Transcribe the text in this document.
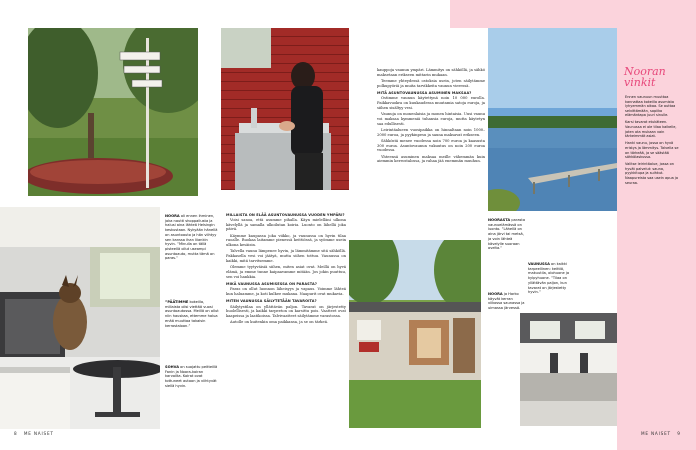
NOORA oli ennen ihminen, joka nautti shoppailusta ja halusi aina lähteä Helsingin keskustaan. Nykyään hänellä on asuntoauto ja hän viihtyy sen kanssa ihan liiankin hyvin. ”Minulla on tällä pisteellä ollut useampi asuntoauto, mutta tämä on paras.”
”PÄÄTIMME kokeilla, millaista olisi viettää vuosi asuntoautossa. Meillä on ollut niin hauskaa, ettemme halua enää muuttaa takaisin kerrostaloon.”
SOHVA on suojattu peitteillä Fanin ja Noora-koiran karvoilta. Koirat ovat tottuneet autoon ja viihtyvät siellä hyvin.
MILLAISTA ON ELÄÄ ASUNTOVAUNUSSA VUODEN YMPÄRI?

Voisi sanoa, että asumme pihalla. Käyn mielelläni ulkona kävelyllä ja samalla ulkoilutan koiria. Luonto on lähellä joka päivä.

Käymme kaupassa joka viikko, ja vaunussa on hyvin tilaa ruoalle. Ruokaa laitamme pienessä keittiössä, ja syömme usein ulkona kesäisin.

Talvella vaunu lämpenee hyvin, ja lämmitämme sitä sähköllä. Pakkasella vesi voi jäätyä, mutta siihen tottuu. Vaunussa on kaikki, mitä tarvitsemme.

Olemme tyytyväisiä siihen, miten asiat ovat. Meillä on hyvä elämä, ja emme tunne kaipaavamme mitään. Jos jokin puuttuu, sen voi hankkia.

MIKÄ VAUNUSSA ASUMISESSA ON PARASTA?

Paras on ollut luonnon läheisyys ja vapaus. Voimme lähteä kun haluamme, ja koti kulkee mukana. Naapurit ovat mukavia.

MITEN VAUNUSSA SÄILYTETÄÄN TAVAROITA?

Säilytystilaa on yllättävän paljon. Tavarat on järjestetty huolellisesti, ja kaikki tarpeeton on karsittu pois. Vaatteet ovat kaapeissa ja laatikoissa. Talvivaatteet säilytämme varastossa.

Autolle on kuitenkin oma paikkansa, ja se on tärkeä.

8 ME NAISET

kauppoja vaunun ympäri. Lämmitys on sähköllä, ja sähkö maksetaan erikseen mittarin mukaan.

Teemme yhteydessä ostoksia usein, joten säilytämme polkupyöriä ja muita tarvikkeita vaunun vieressä.

MITÄ ASUNTOVAUNUSSA ASUMINEN MAKSAA?

Ostimme vaunun käytettynä noin 10 000 eurolla. Paikkavuokra on kuukaudessa muutamia satoja euroja, ja siihen sisältyy vesi.

Vaunuja on monenlaisia ja monen hintaisia. Uusi vaunu voi maksaa kymmeniä tuhansia euroja, mutta käytetyn saa edullisesti.

Leirintäalueen vuosipaikka on hinnaltaan noin 1000–2000 euroa, ja pyykinpesu ja sauna maksavat erikseen.

Sähköstä menee vuodessa noin 700 euroa ja kaasusta 300 euroa. Asuntovaunun vakuutus on noin 200 euroa vuodessa.

Yhteensä asuminen maksaa meille vähemmän kuin aiemmin kerrostalossa, ja rahaa jää enemmän muuhun.

NOORASTA parasta vaunuelämässä on luonto. ”Lähellä on aina järvi tai metsä, ja voin lähteä kävelylle suoraan ovelta.”
NOORA ja Harko käyvät kerran viikossa saunassa ja uimassa järvessä.
VAUNUSSA on kaikki tarpeellinen: keittiö, makuutila, olohuone ja kylpyhuone. ”Tilaa on yllättävän paljon, kun tavarat on järjestetty hyvin.”
Nooran
vinkit

Ennen vaunuun muuttoa kannattaa kokeilla asumista lyhyemmän aikaa. Se auttaa selvittämään, sopiiko elämäntapa juuri sinulle.

Karsi tavarat etukäteen. Vaunussa ei ole tilaa kaikelle, joten ota mukaan vain tärkeimmät asiat.

Hanki vaunu, jossa on hyvä eristys ja lämmitys. Talvella se on tärkeää, ja se säästää sähkölaskussa.

Valitse leirintäalue, jossa on hyvät palvelut: sauna, pyykkitupa ja suihkut. Naapureista saa usein apua ja seuraa.

ME NAISET 9
